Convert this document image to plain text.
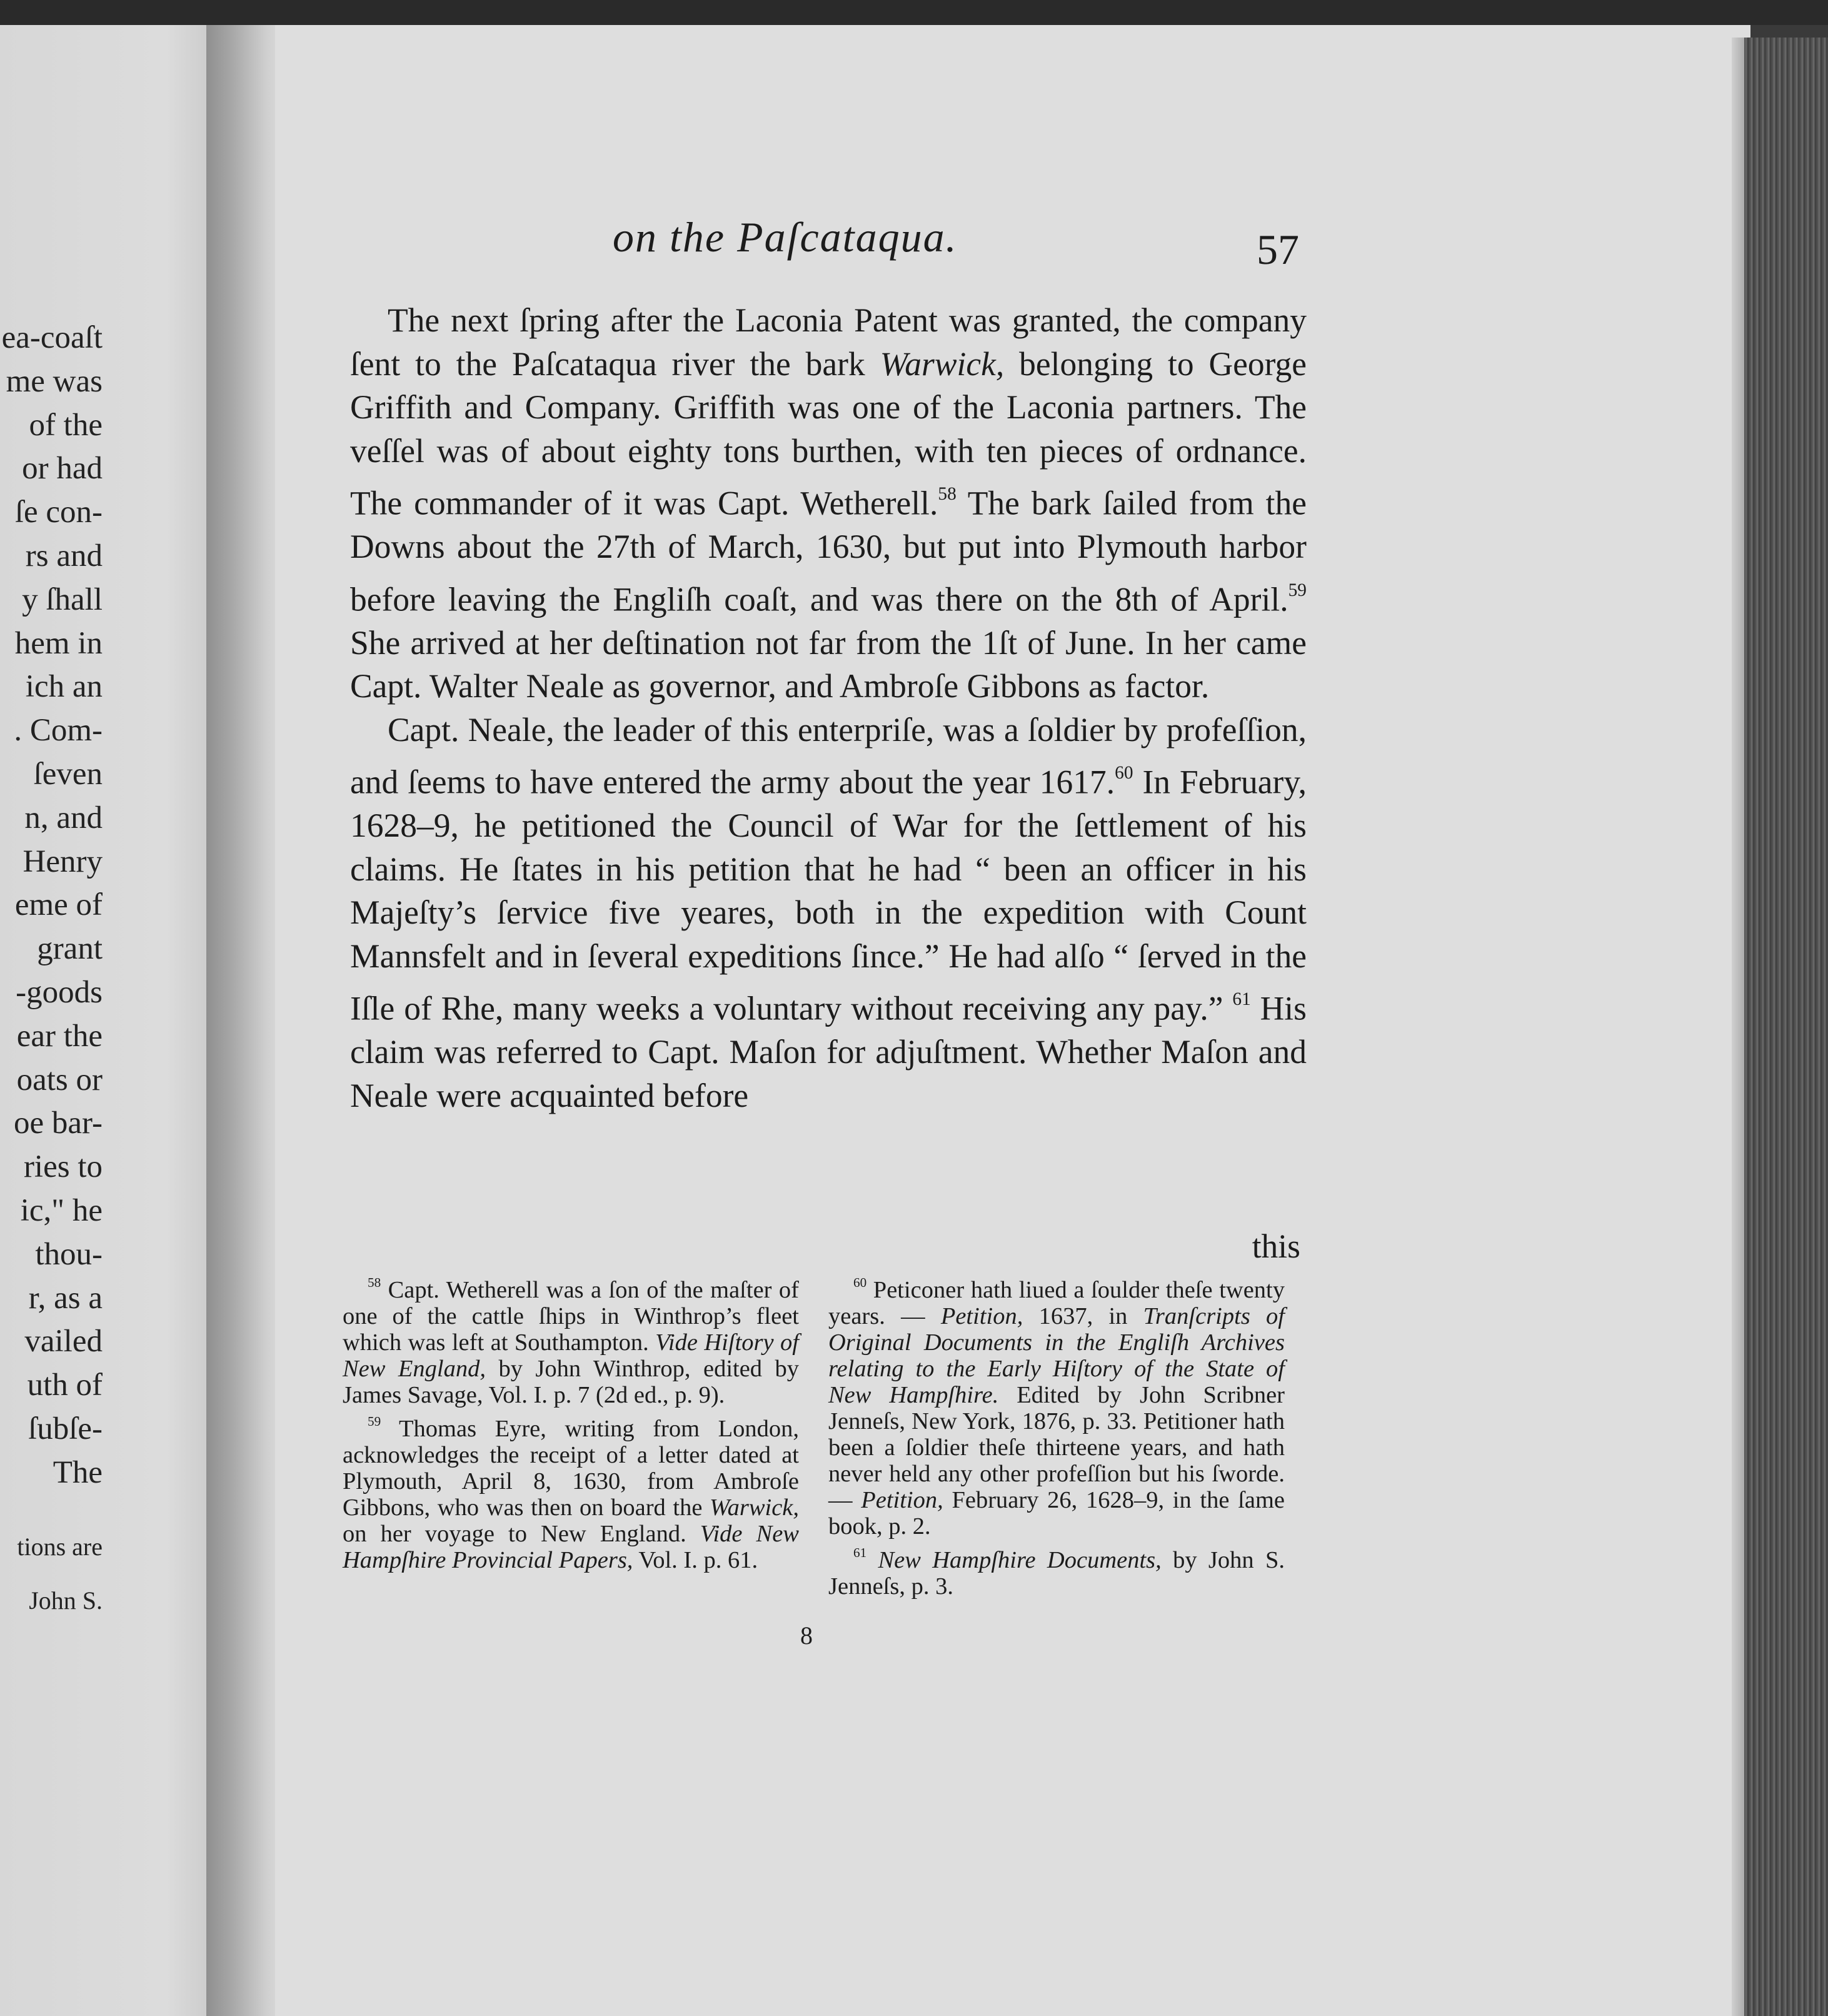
ea-coaſt
me was
of the
or had
ſe con-
rs and
y ſhall
hem in
ich an
. Com-
ſeven
n, and
Henry
eme of
grant
-goods
ear the
oats or
oe bar-
ries to
ic," he
thou-
r, as a
vailed
uth of
ſubſe-
The
tions are
John S.
on the Paſcataqua.	57

The next ſpring after the Laconia Patent was granted, the company ſent to the Paſcataqua river the bark Warwick, belonging to George Griffith and Company. Griffith was one of the Laconia partners. The veſſel was of about eighty tons burthen, with ten pieces of ordnance. The commander of it was Capt. Wetherell.$^{58}$ The bark ſailed from the Downs about the 27th of March, 1630, but put into Plymouth harbor before leaving the Engliſh coaſt, and was there on the 8th of April.$^{59}$ She arrived at her deſtination not far from the 1ſt of June. In her came Capt. Walter Neale as governor, and Ambroſe Gibbons as factor.

Capt. Neale, the leader of this enterpriſe, was a ſoldier by profeſſion, and ſeems to have entered the army about the year 1617.60 In February, 1628–9, he petitioned the Council of War for the ſettlement of his claims. He ſtates in his petition that he had “ been an officer in his Majeſty’s ſervice five yeares, both in the expedition with Count Mannsfelt and in ſeveral expeditions ſince.” He had alſo “ ſerved in the Iſle of Rhe, many weeks a voluntary without receiving any pay.” $^{61}$ His claim was referred to Capt. Maſon for adjuſtment. Whether Maſon and Neale were acquainted before

this

$^{58}$ Capt. Wetherell was a ſon of the maſter of one of the cattle ſhips in Winthrop’s fleet which was left at Southampton. Vide Hiſtory of New England, by John Winthrop, edited by James Savage, Vol. I. p. 7 (2d ed., p. 9).

$^{59}$ Thomas Eyre, writing from London, acknowledges the receipt of a letter dated at Plymouth, April 8, 1630, from Ambroſe Gibbons, who was then on board the Warwick, on her voyage to New England. Vide New Hampſhire Provincial Papers, Vol. I. p. 61.

$^{60}$ Peticoner hath liued a ſoulder theſe twenty years. — Petition, 1637, in Tranſcripts of Original Documents in the Engliſh Archives relating to the Early Hiſtory of the State of New Hampſhire. Edited by John Scribner Jenneſs, New York, 1876, p. 33. Petitioner hath been a ſoldier theſe thirteene years, and hath never held any other profeſſion but his ſworde. — Petition, February 26, 1628–9, in the ſame book, p. 2.

$^{61}$ New Hampſhire Documents, by John S. Jenneſs, p. 3.

8
